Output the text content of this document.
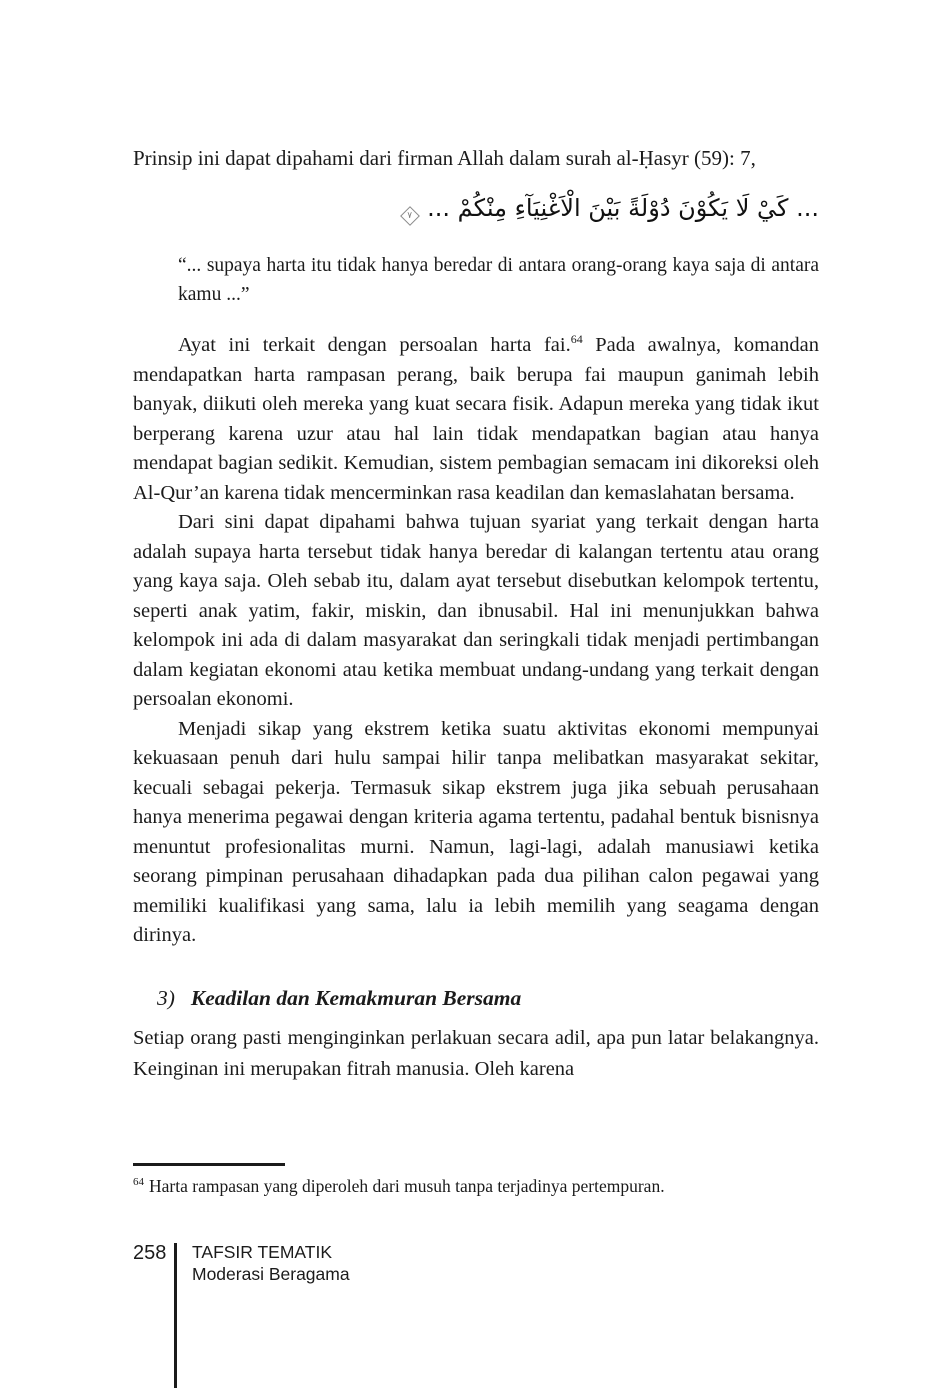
Prinsip ini dapat dipahami dari firman Allah dalam surah al-Ḥasyr (59): 7,

... كَيْ لَا يَكُوْنَ دُوْلَةً بَيْنَ الْاَغْنِيَآءِ مِنْكُمْ ...
٧

“... supaya harta itu tidak hanya beredar di antara orang-orang kaya saja di antara kamu ...”

Ayat ini terkait dengan persoalan harta fai.$^{64}$ Pada awalnya, komandan mendapatkan harta rampasan perang, baik berupa fai maupun ganimah lebih banyak, diikuti oleh mereka yang kuat secara fisik. Adapun mereka yang tidak ikut berperang karena uzur atau hal lain tidak mendapatkan bagian atau hanya mendapat bagian sedikit. Kemudian, sistem pembagian semacam ini dikoreksi oleh Al-Qur’an karena tidak mencerminkan rasa keadilan dan kemaslahatan bersama.

Dari sini dapat dipahami bahwa tujuan syariat yang terkait dengan harta adalah supaya harta tersebut tidak hanya beredar di kalangan tertentu atau orang yang kaya saja. Oleh sebab itu, dalam ayat tersebut disebutkan kelompok tertentu, seperti anak yatim, fakir, miskin, dan ibnusabil. Hal ini menunjukkan bahwa kelompok ini ada di dalam masyarakat dan seringkali tidak menjadi pertimbangan dalam kegiatan ekonomi atau ketika membuat undang-undang yang terkait dengan persoalan ekonomi.

Menjadi sikap yang ekstrem ketika suatu aktivitas ekonomi mempunyai kekuasaan penuh dari hulu sampai hilir tanpa melibatkan masyarakat sekitar, kecuali sebagai pekerja. Termasuk sikap ekstrem juga jika sebuah perusahaan hanya menerima pegawai dengan kriteria agama tertentu, padahal bentuk bisnisnya menuntut profesionalitas murni. Namun, lagi-lagi, adalah manusiawi ketika seorang pimpinan perusahaan dihadapkan pada dua pilihan calon pegawai yang memiliki kualifikasi yang sama, lalu ia lebih memilih yang seagama dengan dirinya.

3) Keadilan dan Kemakmuran Bersama

Setiap orang pasti menginginkan perlakuan secara adil, apa pun latar belakangnya. Keinginan ini merupakan fitrah manusia. Oleh karena

$^{64}$ Harta rampasan yang diperoleh dari musuh tanpa terjadinya pertempuran.

258 TAFSIR TEMATIK
Moderasi Beragama
